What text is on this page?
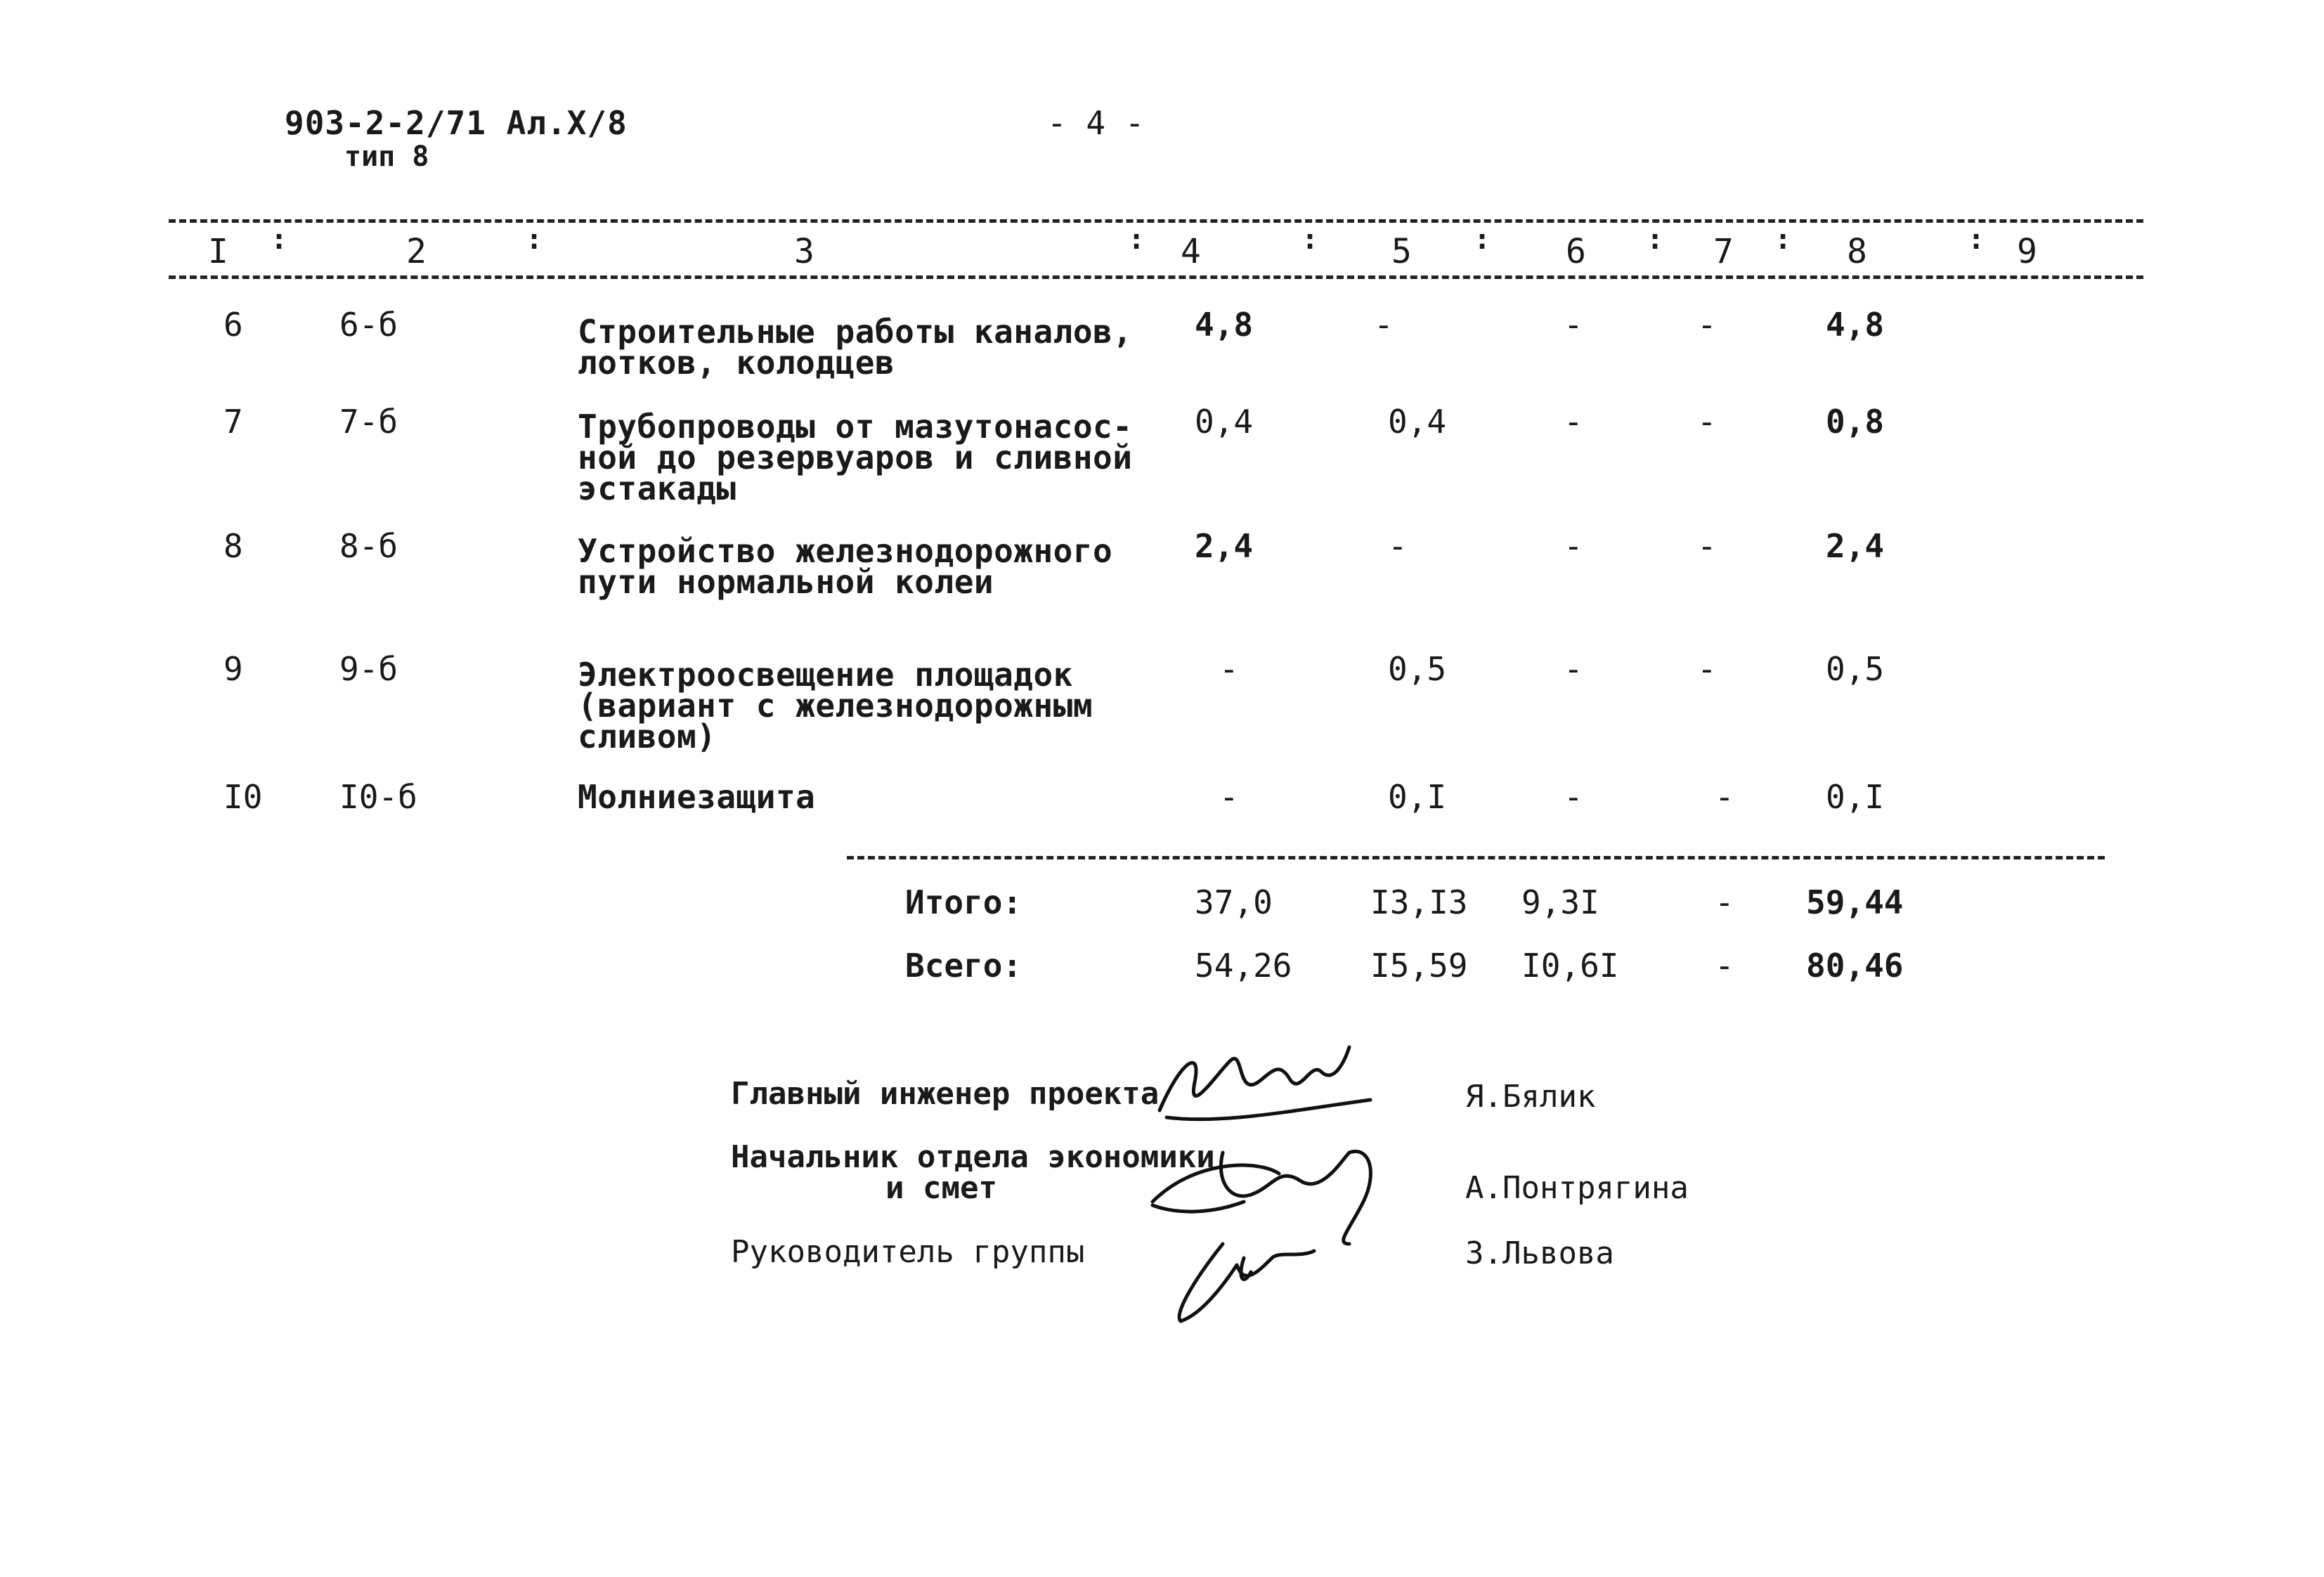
903-2-2/71 Ал.X/8
тип 8
- 4 -
I	2	3	4	5	6	7	8	9
:	:	:	:	:	:	:	:
6	6-б	Строительные работы каналов,
лотков, колодцев
4,8	-	-	-	4,8
7	7-б	Трубопроводы от мазутонасос-
ной до резервуаров и сливной
эстакады
0,4	0,4	-	-	0,8
8	8-б	Устройство железнодорожного
пути нормальной колеи
2,4	-	-	-	2,4
9	9-б	Электроосвещение площадок
(вариант с железнодорожным
сливом)
-	0,5	-	-	0,5
I0 I0-б	Молниезащита	-	0,I	-	-	0,I
Итого:	37,0	I3,I3 9,3I	- 59,44
Всего:	54,26 I5,59 I0,6I	- 80,46
Главный инженер проекта	Я.Бялик
Начальник отдела экономики
и смет	А.Понтрягина
Руководитель группы	З.Львова
